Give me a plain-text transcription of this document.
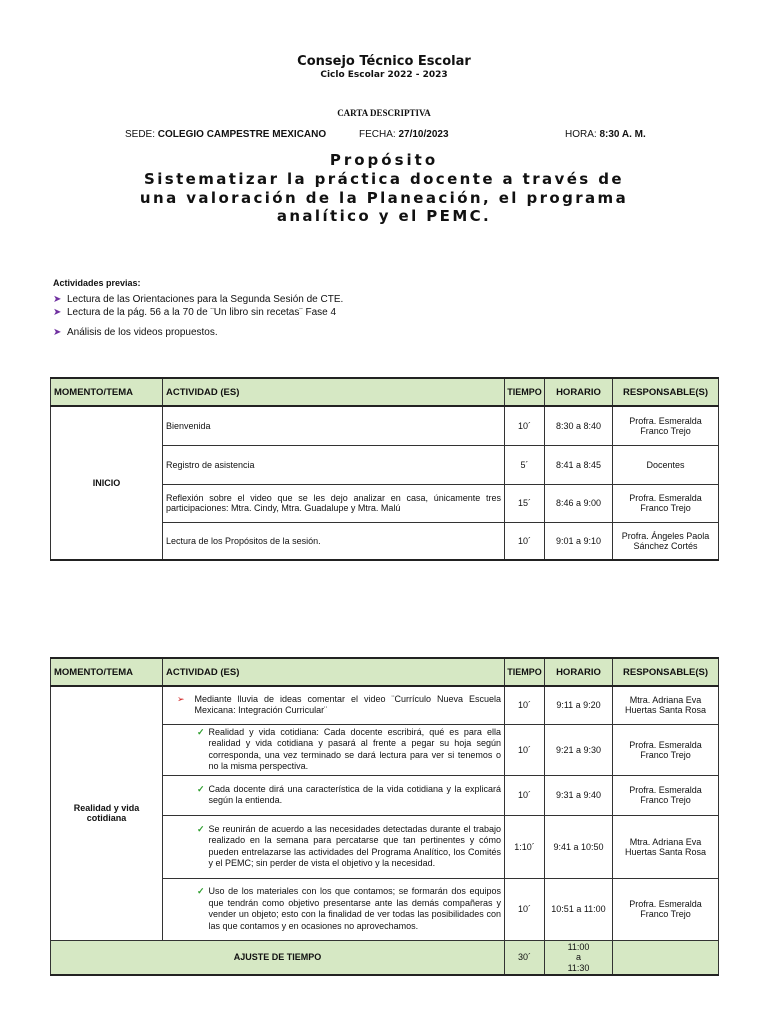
Consejo Técnico Escolar
Ciclo Escolar 2022 - 2023
CARTA DESCRIPTIVA
SEDE: COLEGIO CAMPESTRE MEXICANO	FECHA: 27/10/2023	HORA: 8:30 A. M.
Propósito
Sistematizar la práctica docente a través de una valoración de la Planeación, el programa analítico y el PEMC.
Actividades previas:
➤ Lectura de las Orientaciones para la Segunda Sesión de CTE.
➤ Lectura de la pág. 56 a la 70 de ¨Un libro sin recetas¨ Fase 4
➤ Análisis de los videos propuestos.
MOMENTO/TEMA	ACTIVIDAD (ES)	TIEMPO	HORARIO	RESPONSABLE(S)
INICIO	Bienvenida	10´	8:30 a 8:40	Profra. Esmeralda Franco Trejo
	Registro de asistencia	5´	8:41 a 8:45	Docentes
	Reflexión sobre el video que se les dejo analizar en casa, únicamente tres participaciones: Mtra. Cindy, Mtra. Guadalupe y Mtra. Malú	15´	8:46 a 9:00	Profra. Esmeralda Franco Trejo
	Lectura de los Propósitos de la sesión.	10´	9:01 a 9:10	Profra. Ángeles Paola Sánchez Cortés
MOMENTO/TEMA	ACTIVIDAD (ES)	TIEMPO	HORARIO	RESPONSABLE(S)
Realidad y vida cotidiana	➢ Mediante lluvia de ideas comentar el video ¨Currículo Nueva Escuela Mexicana: Integración Curricular¨	10´	9:11 a 9:20	Mtra. Adriana Eva Huertas Santa Rosa

	✓ Realidad y vida cotidiana: Cada docente escribirá, qué es para ella realidad y vida cotidiana y pasará al frente a pegar su hoja según corresponda, una vez terminado se dará lectura para ver si tenemos o no la misma perspectiva.	10´	9:21 a 9:30	Profra. Esmeralda Franco Trejo

	✓ Cada docente dirá una característica de la vida cotidiana y la explicará según la entienda.	10´	9:31 a 9:40	Profra. Esmeralda Franco Trejo

	✓ Se reunirán de acuerdo a las necesidades detectadas durante el trabajo realizado en la semana para percatarse que tan pertinentes y cómo pueden entrelazarse las actividades del Programa Analítico, los Comités y el PEMC; sin perder de vista el objetivo y la necesidad.	1:10´	9:41 a 10:50	Mtra. Adriana Eva Huertas Santa Rosa

	✓ Uso de los materiales con los que contamos; se formarán dos equipos que tendrán como objetivo presentarse ante las demás compañeras y vender un objeto; esto con la finalidad de ver todas las posibilidades con las que contamos y en ocasiones no aprovechamos.	10´	10:51 a 11:00	Profra. Esmeralda Franco Trejo
AJUSTE DE TIEMPO		30´	11:00
a
11:30	
